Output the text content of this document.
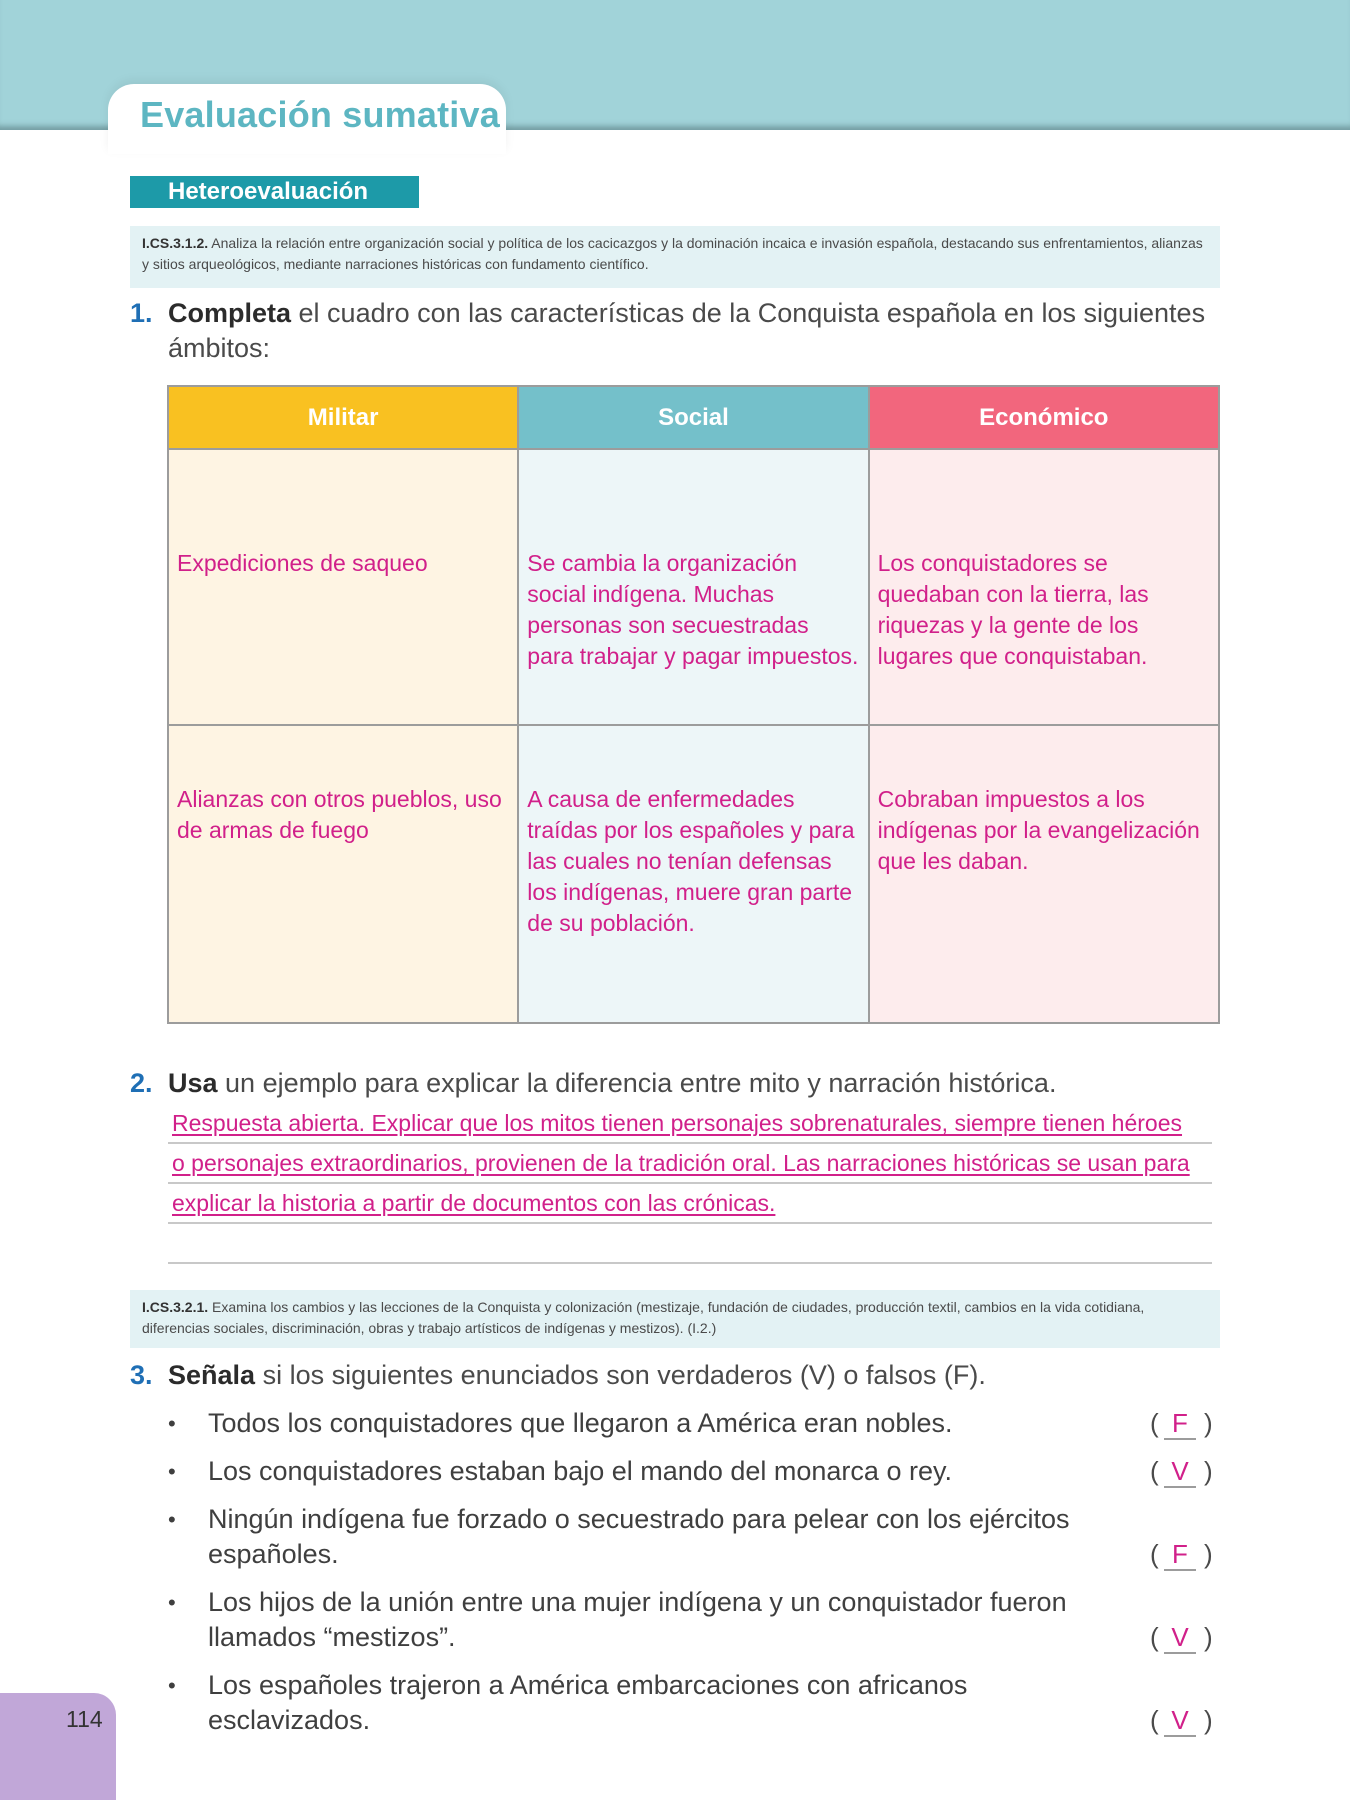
Evaluación sumativa
Heteroevaluación
I.CS.3.1.2. Analiza la relación entre organización social y política de los cacicazgos y la dominación incaica e invasión española, destacando sus enfrentamientos, alianzas y sitios arqueológicos, mediante narraciones históricas con fundamento científico.
1. Completa el cuadro con las características de la Conquista española en los siguientes
ámbitos:
Militar	Social	Económico
Expediciones de saqueo	Se cambia la organización social indígena. Muchas personas son secuestradas para trabajar y pagar impuestos.	Los conquistadores se quedaban con la tierra, las riquezas y la gente de los lugares que conquistaban.
Alianzas con otros pueblos, uso de armas de fuego	A causa de enfermedades traídas por los españoles y para las cuales no tenían defensas los indígenas, muere gran parte de su población.	Cobraban impuestos a los indígenas por la evangelización que les daban.
2. Usa un ejemplo para explicar la diferencia entre mito y narración histórica.
Respuesta abierta. Explicar que los mitos tienen personajes sobrenaturales, siempre tienen héroes
o personajes extraordinarios, provienen de la tradición oral. Las narraciones históricas se usan para
explicar la historia a partir de documentos con las crónicas.
I.CS.3.2.1. Examina los cambios y las lecciones de la Conquista y colonización (mestizaje, fundación de ciudades, producción textil, cambios en la vida cotidiana, diferencias sociales, discriminación, obras y trabajo artísticos de indígenas y mestizos). (I.2.)
3. Señala si los siguientes enunciados son verdaderos (V) o falsos (F).
• Todos los conquistadores que llegaron a América eran nobles.	( F )
• Los conquistadores estaban bajo el mando del monarca o rey.	( V )
• Ningún indígena fue forzado o secuestrado para pelear con los ejércitos españoles.	( F )
• Los hijos de la unión entre una mujer indígena y un conquistador fueron llamados “mestizos”.	( V )
• Los españoles trajeron a América embarcaciones con africanos esclavizados.	( V )
114
